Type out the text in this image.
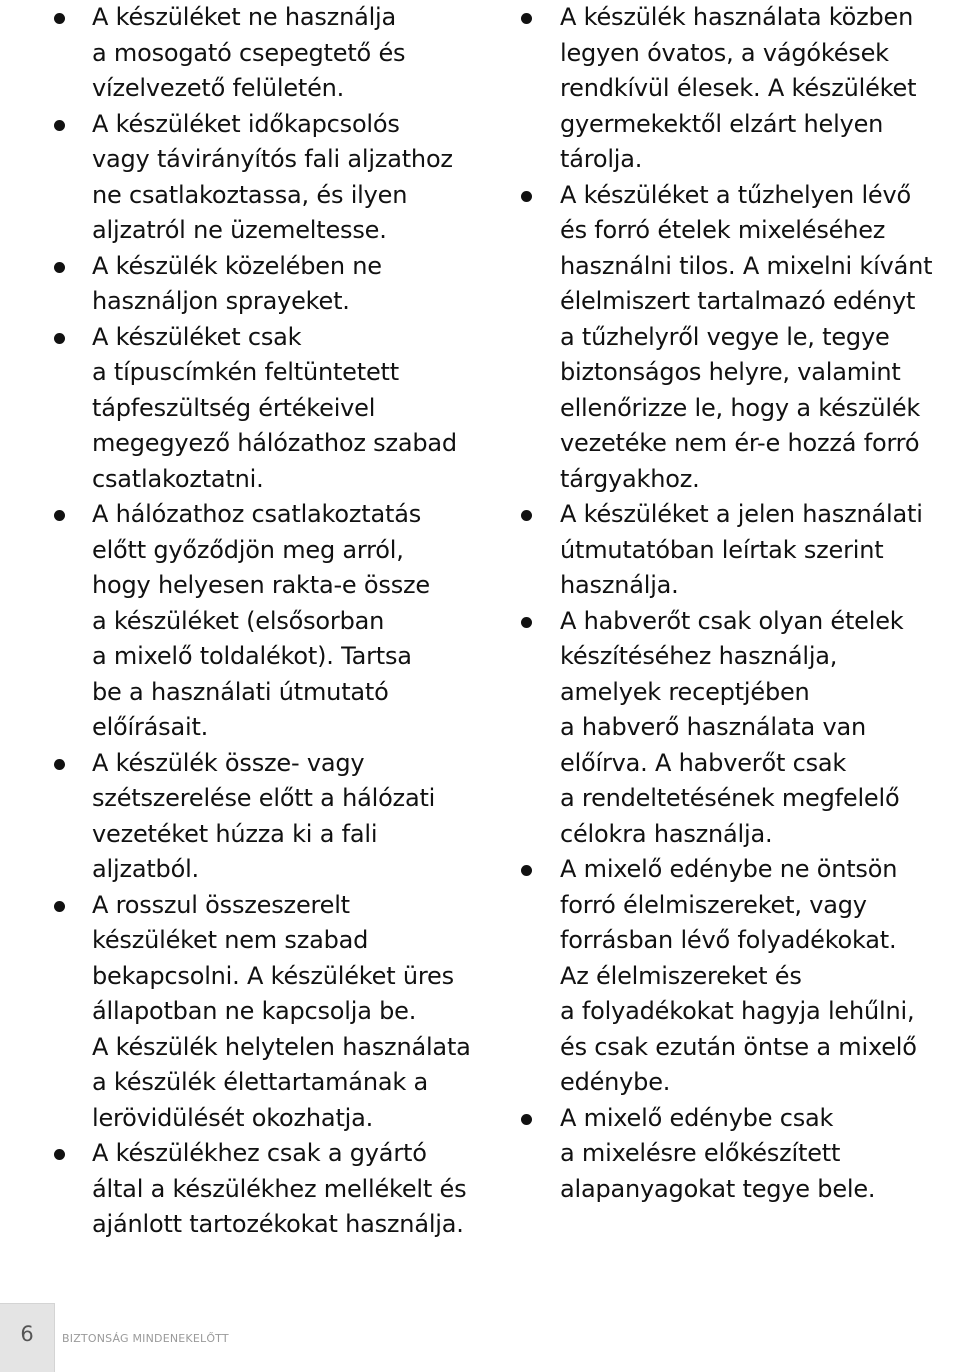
A készüléket ne használja
a mosogató csepegtető és
vízelvezető felületén.
A készüléket időkapcsolós
vagy távirányítós fali aljzathoz
ne csatlakoztassa, és ilyen
aljzatról ne üzemeltesse.
A készülék közelében ne
használjon sprayeket.
A készüléket csak
a típuscímkén feltüntetett
tápfeszültség értékeivel
megegyező hálózathoz szabad
csatlakoztatni.
A hálózathoz csatlakoztatás
előtt győződjön meg arról,
hogy helyesen rakta-e össze
a készüléket (elsősorban
a mixelő toldalékot). Tartsa
be a használati útmutató
előírásait.
A készülék össze- vagy
szétszerelése előtt a hálózati
vezetéket húzza ki a fali
aljzatból.
A rosszul összeszerelt
készüléket nem szabad
bekapcsolni. A készüléket üres
állapotban ne kapcsolja be.
A készülék helytelen használata
a készülék élettartamának a
lerövidülését okozhatja.
A készülékhez csak a gyártó
által a készülékhez mellékelt és
ajánlott tartozékokat használja.
A készülék használata közben
legyen óvatos, a vágókések
rendkívül élesek. A készüléket
gyermekektől elzárt helyen
tárolja.
A készüléket a tűzhelyen lévő
és forró ételek mixeléséhez
használni tilos. A mixelni kívánt
élelmiszert tartalmazó edényt
a tűzhelyről vegye le, tegye
biztonságos helyre, valamint
ellenőrizze le, hogy a készülék
vezetéke nem ér-e hozzá forró
tárgyakhoz.
A készüléket a jelen használati
útmutatóban leírtak szerint
használja.
A habverőt csak olyan ételek
készítéséhez használja,
amelyek receptjében
a habverő használata van
előírva. A habverőt csak
a rendeltetésének megfelelő
célokra használja.
A mixelő edénybe ne öntsön
forró élelmiszereket, vagy
forrásban lévő folyadékokat.
Az élelmiszereket és
a folyadékokat hagyja lehűlni,
és csak ezután öntse a mixelő
edénybe.
A mixelő edénybe csak
a mixelésre előkészített
alapanyagokat tegye bele.
6	BIZTONSÁG MINDENEKELŐTT
